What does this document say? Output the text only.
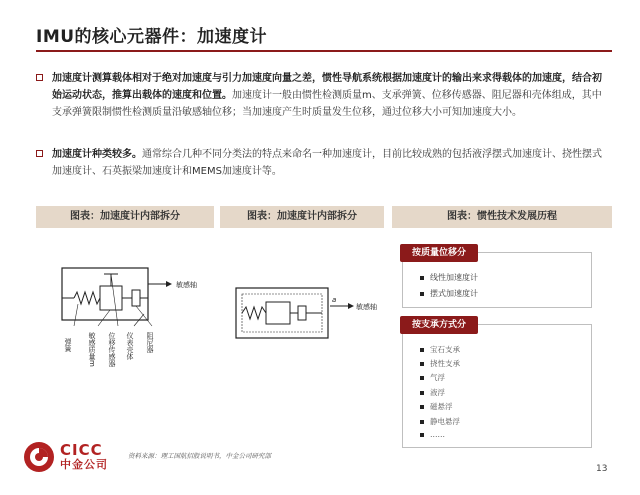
IMU的核心元器件：加速度计
加速度计测算载体相对于绝对加速度与引力加速度向量之差，惯性导航系统根据加速度计的输出来求得载体的加速度，结合初始运动状态，推算出载体的速度和位置。加速度计一般由惯性检测质量m、支承弹簧、位移传感器、阻尼器和壳体组成，其中支承弹簧限制惯性检测质量沿敏感轴位移；当加速度产生时质量发生位移，通过位移大小可知加速度大小。
加速度计种类较多。通常综合几种不同分类法的特点来命名一种加速度计，目前比较成熟的包括液浮摆式加速度计、挠性摆式加速度计、石英振梁加速度计和MEMS加速度计等。
图表：加速度计内部拆分	图表：加速度计内部拆分	图表：惯性技术发展历程
敏感轴
弹簧 敏感质量m 位移传感器 仪表壳体 阻尼器
a
敏感轴
按质量位移分
线性加速度计
摆式加速度计
按支承方式分
宝石支承
挠性支承
气浮
液浮
磁悬浮
静电悬浮
……
CICC
中金公司
资料来源：理工国航招股说明书，中金公司研究部
13
